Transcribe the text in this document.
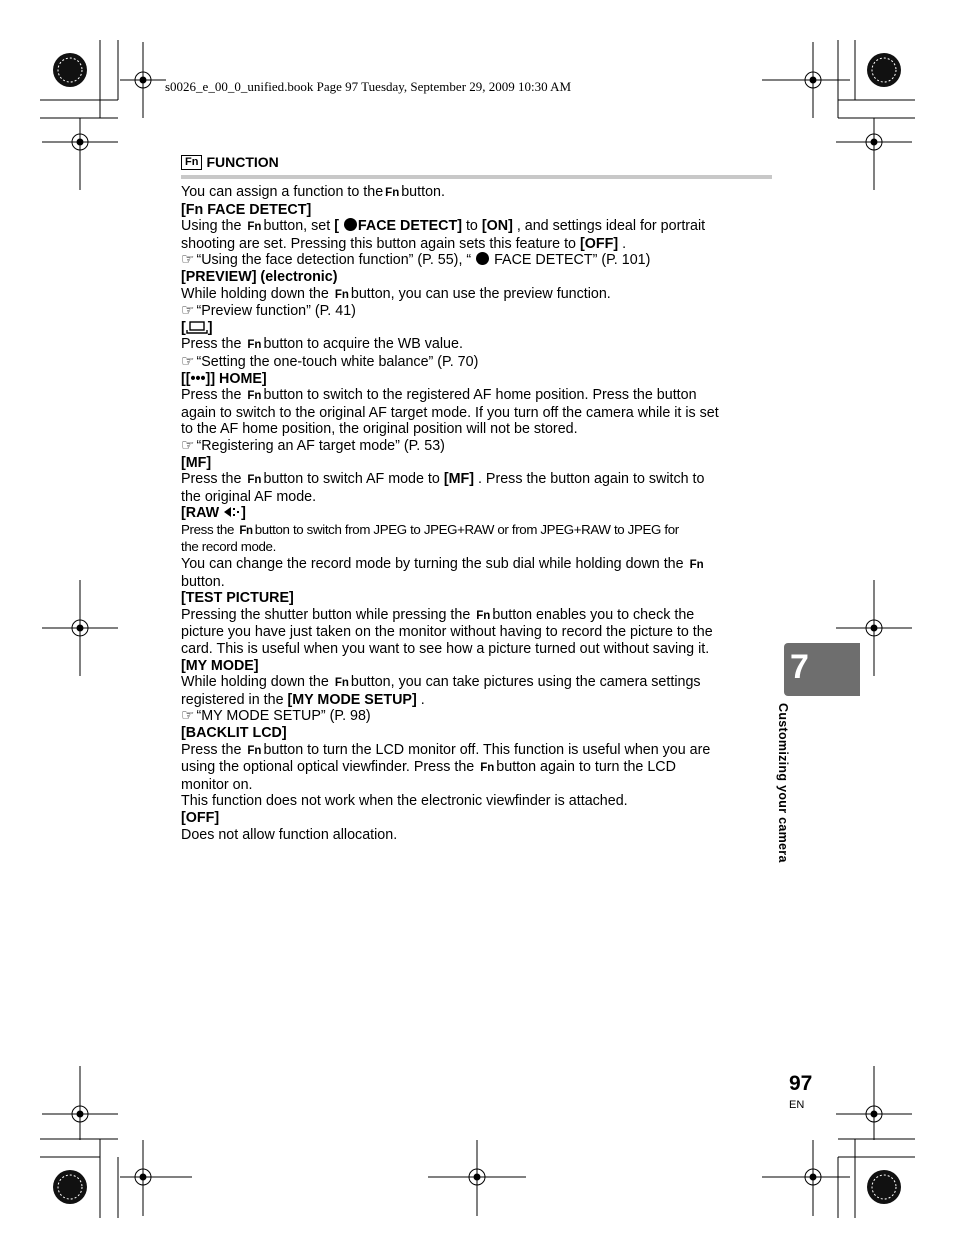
s0026_e_00_0_unified.book Page 97 Tuesday, September 29, 2009 10:30 AM
Fn FUNCTION

You can assign a function to the Fn button.

[Fn FACE DETECT]

Using the Fn button, set [ FACE DETECT] to [ON] , and settings ideal for portrait

shooting are set. Pressing this button again sets this feature to [OFF] .

☞ “Using the face detection function” (P. 55), “  FACE DETECT” (P. 101)

[PREVIEW] (electronic)

While holding down the Fn button, you can use the preview function.

☞ “Preview function” (P. 41)

[ ]

Press the Fn button to acquire the WB value.

☞ “Setting the one-touch white balance” (P. 70)

[[•••]] HOME]

Press the Fn button to switch to the registered AF home position. Press the button

again to switch to the original AF target mode. If you turn off the camera while it is set

to the AF home position, the original position will not be stored.

☞ “Registering an AF target mode” (P. 53)

[MF]

Press the Fn button to switch AF mode to [MF] . Press the button again to switch to

the original AF mode.

[RAW ]

Press the Fn button to switch from JPEG to JPEG+RAW or from JPEG+RAW to JPEG for

the record mode.

You can change the record mode by turning the sub dial while holding down the Fn

button.

[TEST PICTURE]

Pressing the shutter button while pressing the Fn button enables you to check the

picture you have just taken on the monitor without having to record the picture to the

card. This is useful when you want to see how a picture turned out without saving it.

[MY MODE]

While holding down the Fn button, you can take pictures using the camera settings

registered in the [MY MODE SETUP] .

☞ “MY MODE SETUP” (P. 98)

[BACKLIT LCD]

Press the Fn button to turn the LCD monitor off. This function is useful when you are

using the optional optical viewfinder. Press the Fn button again to turn the LCD

monitor on.

This function does not work when the electronic viewfinder is attached.

[OFF]

Does not allow function allocation.

7
Customizing your camera
97
EN
